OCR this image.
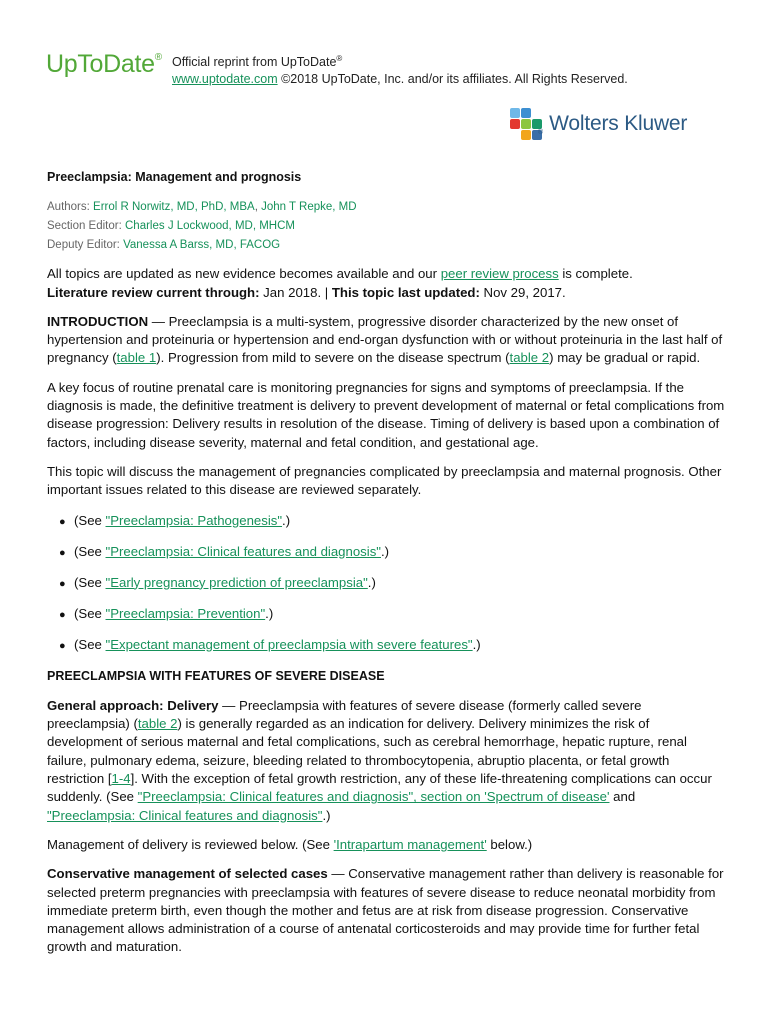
UpToDate® Official reprint from UpToDate®
www.uptodate.com ©2018 UpToDate, Inc. and/or its affiliates. All Rights Reserved.
® Wolters Kluwer
Preeclampsia: Management and prognosis
Authors: Errol R Norwitz, MD, PhD, MBA, John T Repke, MD
Section Editor: Charles J Lockwood, MD, MHCM
Deputy Editor: Vanessa A Barss, MD, FACOG

All topics are updated as new evidence becomes available and our peer review process is complete.
Literature review current through: Jan 2018. | This topic last updated: Nov 29, 2017.

INTRODUCTION — Preeclampsia is a multi-system, progressive disorder characterized by the new onset of hypertension and proteinuria or hypertension and end-organ dysfunction with or without proteinuria in the last half of pregnancy (table 1). Progression from mild to severe on the disease spectrum (table 2) may be gradual or rapid.

A key focus of routine prenatal care is monitoring pregnancies for signs and symptoms of preeclampsia. If the diagnosis is made, the definitive treatment is delivery to prevent development of maternal or fetal complications from disease progression: Delivery results in resolution of the disease. Timing of delivery is based upon a combination of factors, including disease severity, maternal and fetal condition, and gestational age.

This topic will discuss the management of pregnancies complicated by preeclampsia and maternal prognosis. Other important issues related to this disease are reviewed separately.

● (See "Preeclampsia: Pathogenesis".)
● (See "Preeclampsia: Clinical features and diagnosis".)
● (See "Early pregnancy prediction of preeclampsia".)
● (See "Preeclampsia: Prevention".)
● (See "Expectant management of preeclampsia with severe features".)
PREECLAMPSIA WITH FEATURES OF SEVERE DISEASE

General approach: Delivery — Preeclampsia with features of severe disease (formerly called severe preeclampsia) (table 2) is generally regarded as an indication for delivery. Delivery minimizes the risk of development of serious maternal and fetal complications, such as cerebral hemorrhage, hepatic rupture, renal failure, pulmonary edema, seizure, bleeding related to thrombocytopenia, abruptio placenta, or fetal growth restriction [1-4]. With the exception of fetal growth restriction, any of these life-threatening complications can occur suddenly. (See "Preeclampsia: Clinical features and diagnosis", section on 'Spectrum of disease' and "Preeclampsia: Clinical features and diagnosis".)

Management of delivery is reviewed below. (See 'Intrapartum management' below.)

Conservative management of selected cases — Conservative management rather than delivery is reasonable for selected preterm pregnancies with preeclampsia with features of severe disease to reduce neonatal morbidity from immediate preterm birth, even though the mother and fetus are at risk from disease progression. Conservative management allows administration of a course of antenatal corticosteroids and may provide time for further fetal growth and maturation.
